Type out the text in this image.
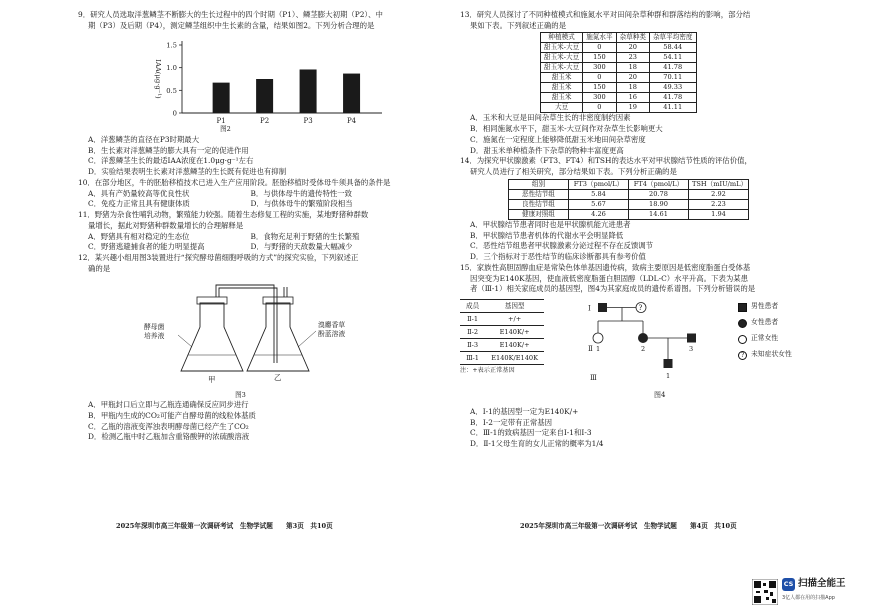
9．研究人员选取洋葱鳞茎不断膨大的生长过程中的四个时期（P1）、鳞茎膨大初期（P2）、中
期（P3）及后期（P4），测定鳞茎组织中生长素的含量，结果如图2。下列分析合理的是
0
0.5
1.0
1.5
IAA(μg·g⁻¹)
P1	P2	P3	P4
图2
A．洋葱鳞茎的直径在P3时期最大
B．生长素对洋葱鳞茎的膨大具有一定的促进作用
C．洋葱鳞茎生长的最适IAA浓度在1.0μg·g⁻¹左右
D．实验结果表明生长素对洋葱鳞茎的生长既有促进也有抑制
10．在部分地区，牛的胚胎移植技术已进入生产应用阶段。胚胎移植时受体母牛须具备的条件是
A．具有产奶量较高等优良性状	B．与供体母牛的遗传特性一致
C．免疫力正常且具有健康体质	D．与供体母牛的繁殖阶段相当
11．野猪为杂食性哺乳动物，繁殖能力较强。随着生态修复工程的实施，某地野猪种群数
量增长，据此对野猪种群数量增长的合理解释是
A．野猪具有相对稳定的生态位	B．食物充足利于野猪的生长繁殖
C．野猪逃避捕食者的能力明显提高	D．与野猪的天敌数量大幅减少
12．某兴趣小组用图3装置进行“探究酵母菌细胞呼吸的方式”的探究实验，下列叙述正
确的是
酵母菌
培养液
溴麝香草
酚蓝溶液
甲	乙
图3
A．甲瓶封口后立即与乙瓶连通确保反应同步进行
B．甲瓶内生成的CO₂可能产自酵母菌的线粒体基质
C．乙瓶的溶液变浑浊表明酵母菌已经产生了CO₂
D．检测乙瓶中时乙瓶加含重铬酸钾的浓硫酸溶液
2025年深圳市高三年级第一次调研考试　生物学试题　　第3页　共10页
13．研究人员探讨了不同种植模式和施氮水平对田间杂草种群和群落结构的影响，部分结
果如下表。下列叙述正确的是
种植模式	施氮水平	杂草种类	杂草平均密度
甜玉米-大豆	0	20	58.44
甜玉米-大豆	150	23	54.11
甜玉米-大豆	300	18	41.78
甜玉米	0	20	70.11
甜玉米	150	18	49.33
甜玉米	300	16	41.78
大豆	0	19	41.11
A．玉米和大豆是田间杂草生长的非密度制约因素
B．相同施氮水平下，甜玉米-大豆间作对杂草生长影响更大
C．施氮在一定程度上能够降低甜玉米地田间杂草密度
D．甜玉米单种植条件下杂草的物种丰富度更高
14．为探究甲状腺激素（FT3、FT4）和TSH的表达水平对甲状腺结节性质的评估价值，
研究人员进行了相关研究，部分结果如下表。下列分析正确的是
组别	FT3（pmol/L）	FT4（pmol/L）	TSH（mIU/mL）
恶性结节组	5.84	20.78	2.92
良性结节组	5.67	18.90	2.23
健康对照组	4.26	14.61	1.94
A．甲状腺结节患者同时也是甲状腺机能亢进患者
B．甲状腺结节患者机体的代谢水平会明显降低
C．恶性结节组患者甲状腺激素分泌过程不存在反馈调节
D．三个指标对于恶性结节的临床诊断都具有参考价值
15．家族性高胆固醇血症是常染色体单基因遗传病，致病主要原因是低密度脂蛋白受体基
因突变为E140K基因，使血液低密度脂蛋白胆固醇（LDL-C）水平升高。下表为某患
者（Ⅲ-1）相关家庭成员的基因型，图4为其家庭成员的遗传系谱图。下列分析错误的是
成员	基因型
Ⅱ-1	+/+
Ⅱ-2	E140K/+
Ⅱ-3	E140K/+
Ⅲ-1	E140K/E140K
注：+表示正常基因
Ⅰ
Ⅱ
Ⅲ
?
1	2	3
1
图4
男性患者
女性患者
正常女性
? 未知症状女性
A．Ⅰ-1的基因型一定为E140K/+
B．Ⅰ-2一定带有正常基因
C．Ⅲ-1的致病基因一定来自Ⅰ-1和Ⅰ-3
D．Ⅱ-1父母生育的女儿正常的概率为1/4
2025年深圳市高三年级第一次调研考试　生物学试题　　第4页　共10页
CS 扫描全能王
3亿人都在用的扫描App
